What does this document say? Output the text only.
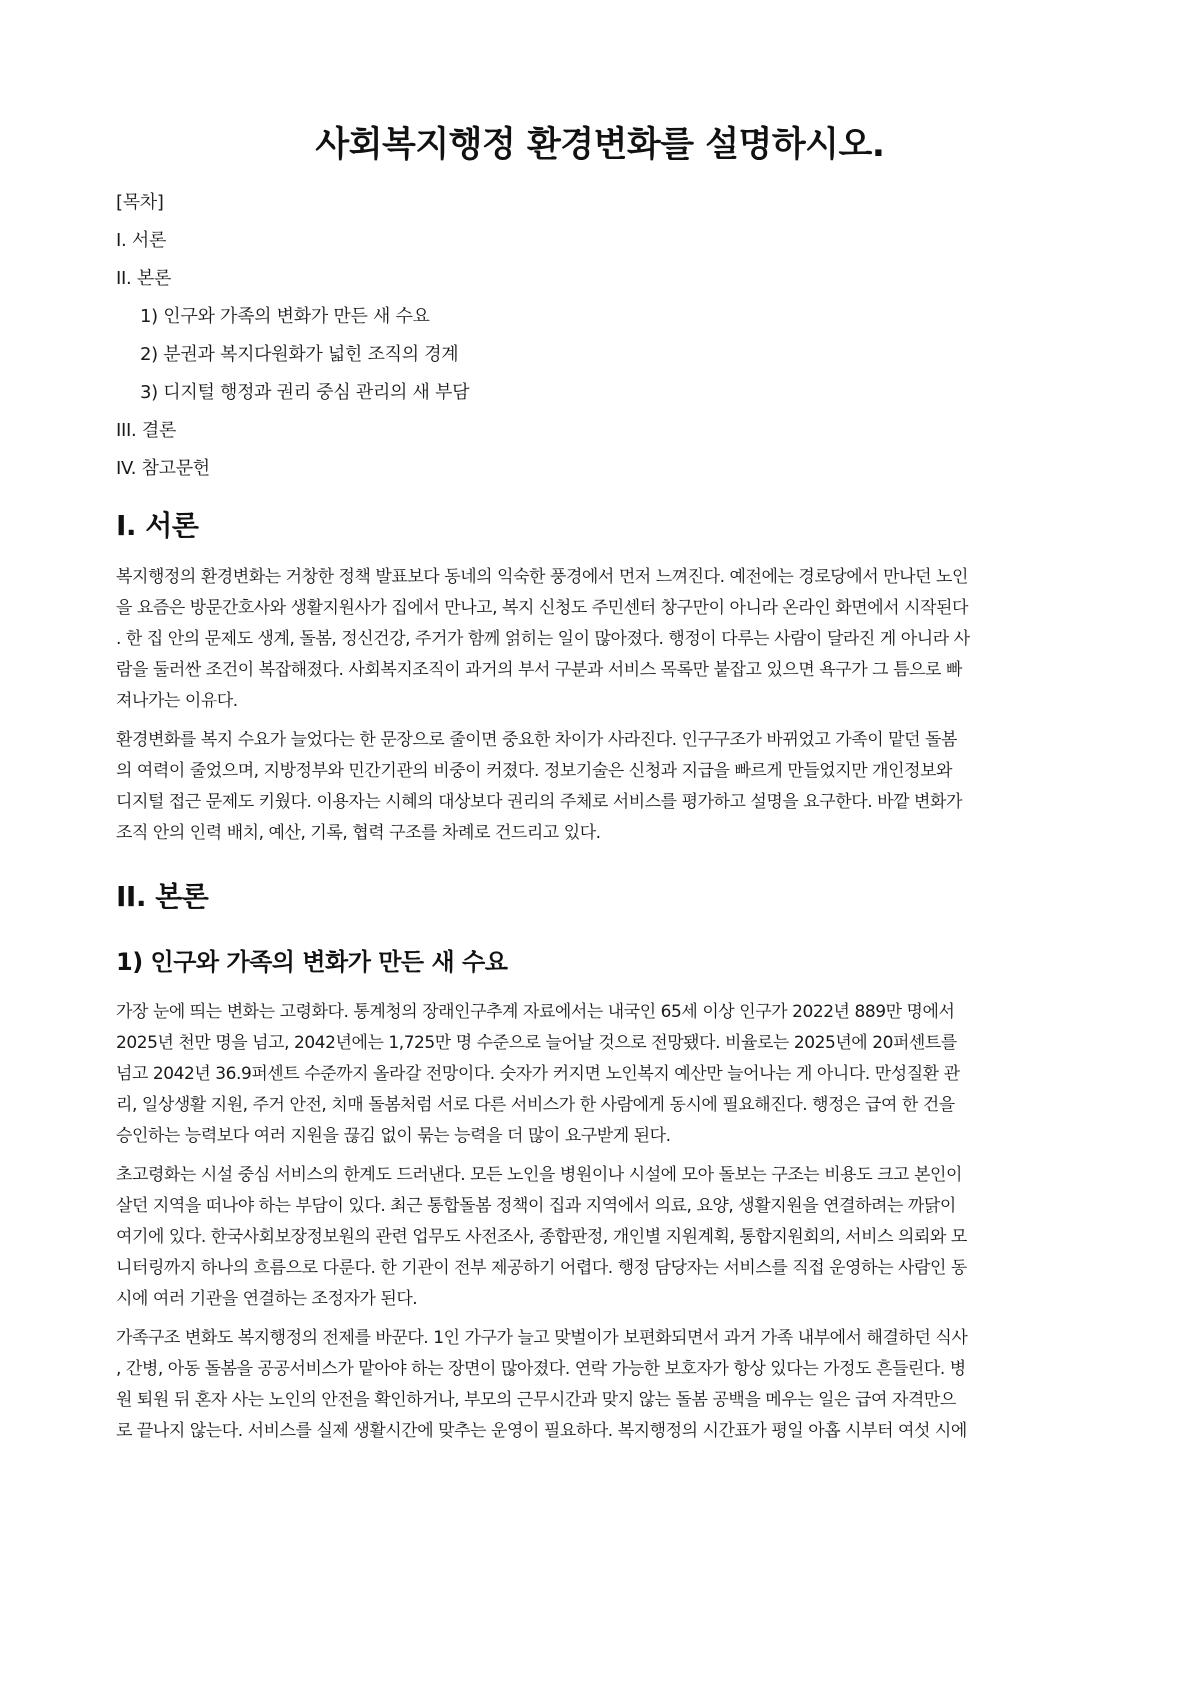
사회복지행정 환경변화를 설명하시오.
[목차]
I. 서론
II. 본론
1) 인구와 가족의 변화가 만든 새 수요
2) 분권과 복지다원화가 넓힌 조직의 경계
3) 디지털 행정과 권리 중심 관리의 새 부담
III. 결론
IV. 참고문헌
I. 서론

복지행정의 환경변화는 거창한 정책 발표보다 동네의 익숙한 풍경에서 먼저 느껴진다. 예전에는 경로당에서 만나던 노인
을 요즘은 방문간호사와 생활지원사가 집에서 만나고, 복지 신청도 주민센터 창구만이 아니라 온라인 화면에서 시작된다
. 한 집 안의 문제도 생계, 돌봄, 정신건강, 주거가 함께 얽히는 일이 많아졌다. 행정이 다루는 사람이 달라진 게 아니라 사
람을 둘러싼 조건이 복잡해졌다. 사회복지조직이 과거의 부서 구분과 서비스 목록만 붙잡고 있으면 욕구가 그 틈으로 빠
져나가는 이유다.

환경변화를 복지 수요가 늘었다는 한 문장으로 줄이면 중요한 차이가 사라진다. 인구구조가 바뀌었고 가족이 맡던 돌봄
의 여력이 줄었으며, 지방정부와 민간기관의 비중이 커졌다. 정보기술은 신청과 지급을 빠르게 만들었지만 개인정보와
디지털 접근 문제도 키웠다. 이용자는 시혜의 대상보다 권리의 주체로 서비스를 평가하고 설명을 요구한다. 바깥 변화가
조직 안의 인력 배치, 예산, 기록, 협력 구조를 차례로 건드리고 있다.

II. 본론
1) 인구와 가족의 변화가 만든 새 수요

가장 눈에 띄는 변화는 고령화다. 통계청의 장래인구추계 자료에서는 내국인 65세 이상 인구가 2022년 889만 명에서
2025년 천만 명을 넘고, 2042년에는 1,725만 명 수준으로 늘어날 것으로 전망됐다. 비율로는 2025년에 20퍼센트를
넘고 2042년 36.9퍼센트 수준까지 올라갈 전망이다. 숫자가 커지면 노인복지 예산만 늘어나는 게 아니다. 만성질환 관
리, 일상생활 지원, 주거 안전, 치매 돌봄처럼 서로 다른 서비스가 한 사람에게 동시에 필요해진다. 행정은 급여 한 건을
승인하는 능력보다 여러 지원을 끊김 없이 묶는 능력을 더 많이 요구받게 된다.

초고령화는 시설 중심 서비스의 한계도 드러낸다. 모든 노인을 병원이나 시설에 모아 돌보는 구조는 비용도 크고 본인이
살던 지역을 떠나야 하는 부담이 있다. 최근 통합돌봄 정책이 집과 지역에서 의료, 요양, 생활지원을 연결하려는 까닭이
여기에 있다. 한국사회보장정보원의 관련 업무도 사전조사, 종합판정, 개인별 지원계획, 통합지원회의, 서비스 의뢰와 모
니터링까지 하나의 흐름으로 다룬다. 한 기관이 전부 제공하기 어렵다. 행정 담당자는 서비스를 직접 운영하는 사람인 동
시에 여러 기관을 연결하는 조정자가 된다.

가족구조 변화도 복지행정의 전제를 바꾼다. 1인 가구가 늘고 맞벌이가 보편화되면서 과거 가족 내부에서 해결하던 식사
, 간병, 아동 돌봄을 공공서비스가 맡아야 하는 장면이 많아졌다. 연락 가능한 보호자가 항상 있다는 가정도 흔들린다. 병
원 퇴원 뒤 혼자 사는 노인의 안전을 확인하거나, 부모의 근무시간과 맞지 않는 돌봄 공백을 메우는 일은 급여 자격만으
로 끝나지 않는다. 서비스를 실제 생활시간에 맞추는 운영이 필요하다. 복지행정의 시간표가 평일 아홉 시부터 여섯 시에
